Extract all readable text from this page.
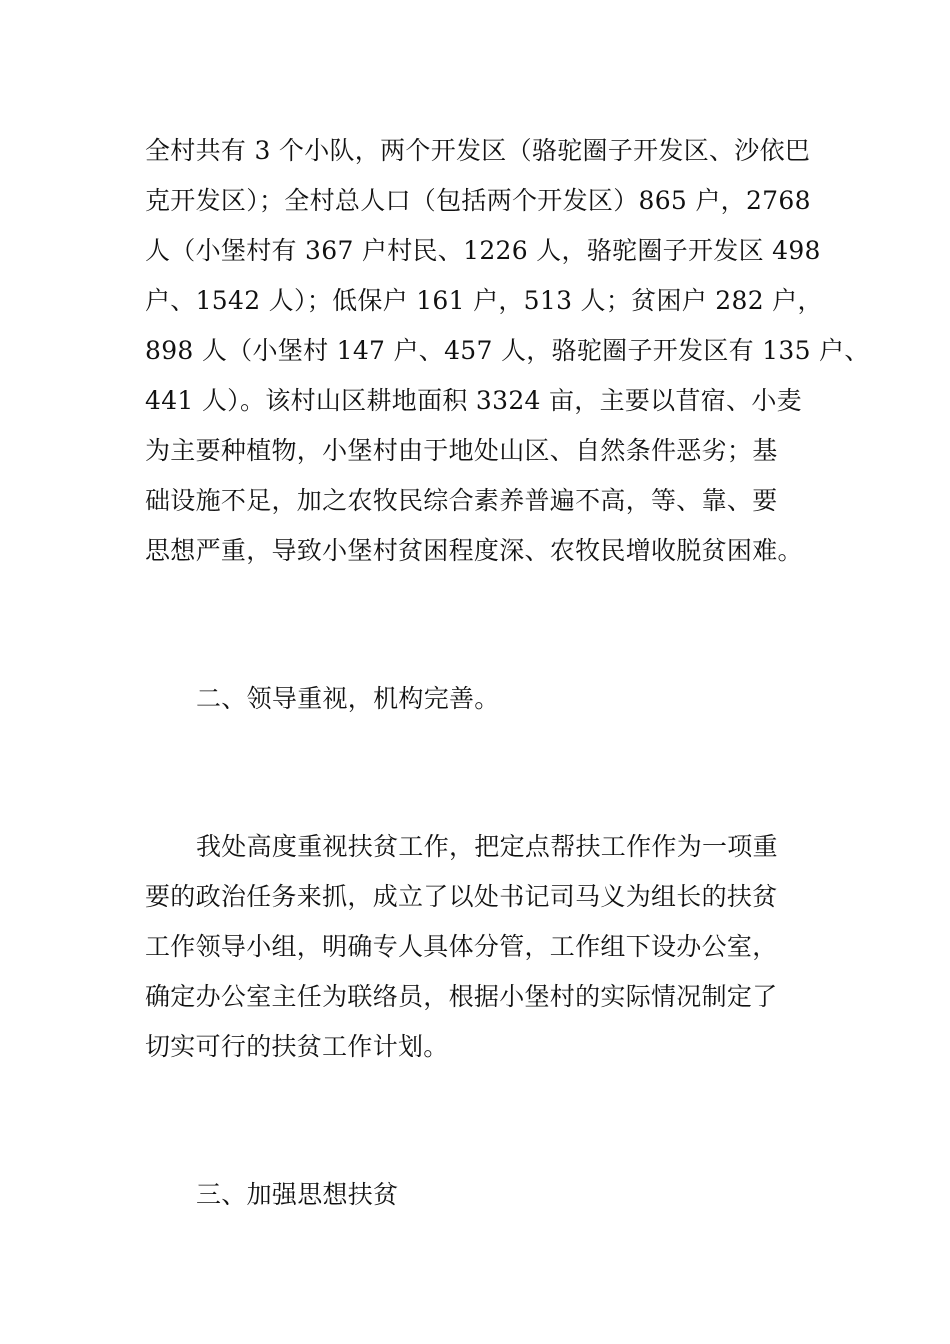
全村共有 3 个小队，两个开发区（骆驼圈子开发区、沙依巴
克开发区）；全村总人口（包括两个开发区）865 户，2768
人（小堡村有 367 户村民、1226 人，骆驼圈子开发区 498
户、1542 人）；低保户 161 户，513 人；贫困户 282 户，
898 人（小堡村 147 户、457 人，骆驼圈子开发区有 135 户、
441 人）。该村山区耕地面积 3324 亩，主要以苜宿、小麦
为主要种植物，小堡村由于地处山区、自然条件恶劣；基
础设施不足，加之农牧民综合素养普遍不高，等、靠、要
思想严重，导致小堡村贫困程度深、农牧民增收脱贫困难。
二、领导重视，机构完善。
我处高度重视扶贫工作，把定点帮扶工作作为一项重
要的政治任务来抓，成立了以处书记司马义为组长的扶贫
工作领导小组，明确专人具体分管，工作组下设办公室，
确定办公室主任为联络员，根据小堡村的实际情况制定了
切实可行的扶贫工作计划。
三、加强思想扶贫
